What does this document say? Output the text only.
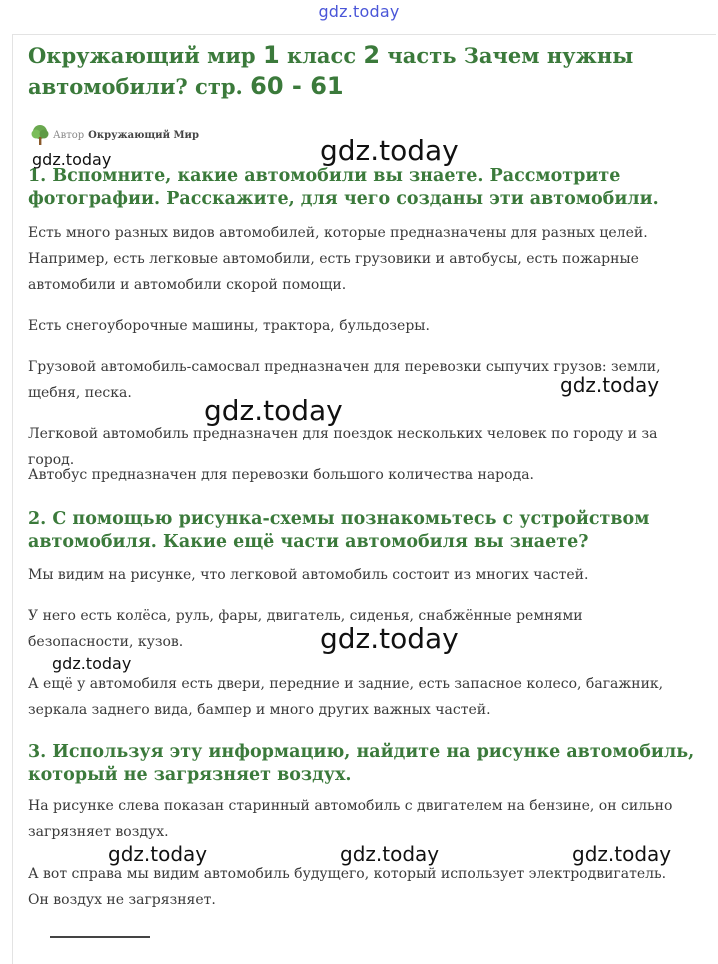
gdz.today
Окружающий мир 1 класс 2 часть Зачем нужны автомобили? стр. 60 - 61
Автор Окружающий Мир
1. Вспомните, какие автомобили вы знаете. Рассмотрите фотографии. Расскажите, для чего созданы эти автомобили.

Есть много разных видов автомобилей, которые предназначены для разных целей. Например, есть легковые автомобили, есть грузовики и автобусы, есть пожарные автомобили и автомобили скорой помощи.

Есть снегоуборочные машины, трактора, бульдозеры.

Грузовой автомобиль-самосвал предназначен для перевозки сыпучих грузов: земли, щебня, песка.

Легковой автомобиль предназначен для поездок нескольких человек по городу и за город.

Автобус предназначен для перевозки большого количества народа.

2. С помощью рисунка-схемы познакомьтесь с устройством автомобиля. Какие ещё части автомобиля вы знаете?

Мы видим на рисунке, что легковой автомобиль состоит из многих частей.

У него есть колёса, руль, фары, двигатель, сиденья, снабжённые ремнями безопасности, кузов.

А ещё у автомобиля есть двери, передние и задние, есть запасное колесо, багажник, зеркала заднего вида, бампер и много других важных частей.

3. Используя эту информацию, найдите на рисунке автомобиль, который не загрязняет воздух.

На рисунке слева показан старинный автомобиль с двигателем на бензине, он сильно загрязняет воздух.

А вот справа мы видим автомобиль будущего, который использует электродвигатель. Он воздух не загрязняет.

gdz.today	gdz.today
gdz.today
gdz.today
gdz.today
gdz.today
gdz.today	gdz.today	gdz.today
